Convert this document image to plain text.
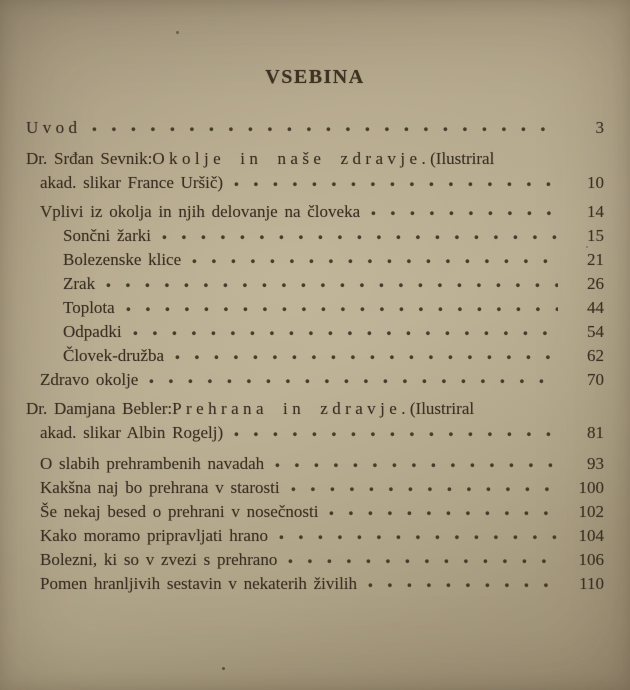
VSEBINA
Uvod	3
Dr. Srđan Sevnik: Okolje in naše zdravje. (Ilustriral
akad. slikar France Uršič)	10
Vplivi iz okolja in njih delovanje na človeka	14
Sončni žarki	15
Bolezenske klice	21
Zrak	26
Toplota	44
Odpadki	54
Človek-družba	62
Zdravo okolje	70
Dr. Damjana Bebler: Prehrana in zdravje. (Ilustriral
akad. slikar Albin Rogelj)	81
O slabih prehrambenih navadah	93
Kakšna naj bo prehrana v starosti	100
Še nekaj besed o prehrani v nosečnosti	102
Kako moramo pripravljati hrano	104
Bolezni, ki so v zvezi s prehrano	106
Pomen hranljivih sestavin v nekaterih živilih	110
